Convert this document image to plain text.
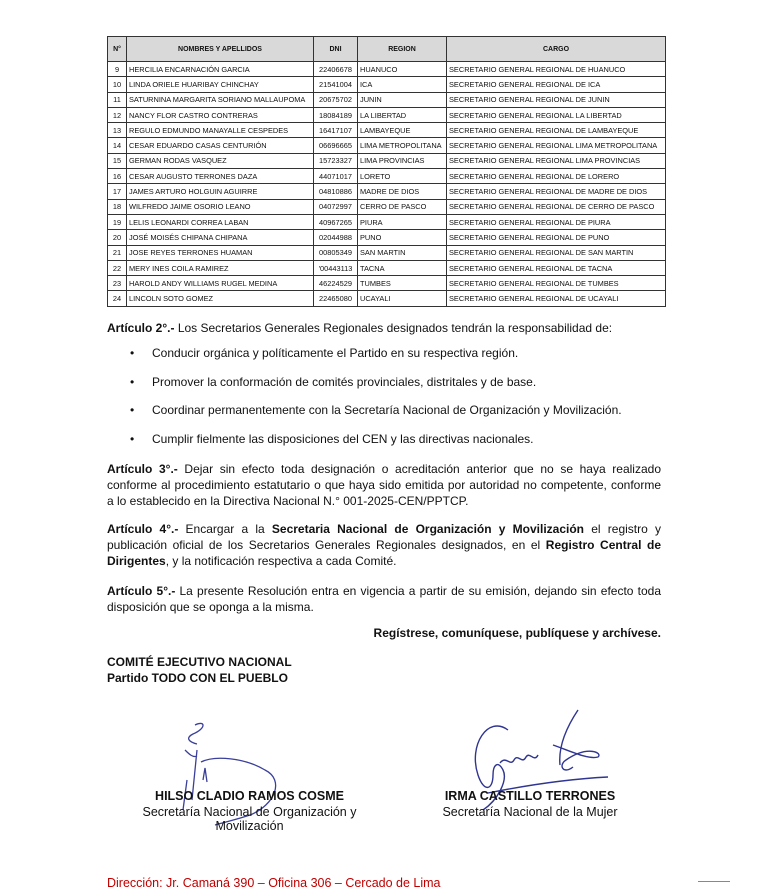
N°	NOMBRES Y APELLIDOS	DNI	REGION	CARGO
9	HERCILIA ENCARNACIÓN GARCIA	22406678	HUANUCO	SECRETARIO GENERAL REGIONAL DE HUANUCO
10	LINDA ORIELE HUARIBAY CHINCHAY	21541004	ICA	SECRETARIO GENERAL REGIONAL DE ICA
11	SATURNINA MARGARITA SORIANO MALLAUPOMA	20675702	JUNIN	SECRETARIO GENERAL REGIONAL DE JUNIN
12	NANCY FLOR CASTRO CONTRERAS	18084189	LA LIBERTAD	SECRETARIO GENERAL REGIONAL LA LIBERTAD
13	REGULO EDMUNDO MANAYALLE CESPEDES	16417107	LAMBAYEQUE	SECRETARIO GENERAL REGIONAL DE LAMBAYEQUE
14	CESAR EDUARDO CASAS CENTURIÓN	06696665	LIMA METROPOLITANA	SECRETARIO GENERAL REGIONAL LIMA METROPOLITANA
15	GERMAN RODAS VASQUEZ	15723327	LIMA PROVINCIAS	SECRETARIO GENERAL REGIONAL LIMA PROVINCIAS
16	CESAR AUGUSTO TERRONES DAZA	44071017	LORETO	SECRETARIO GENERAL REGIONAL DE LORERO
17	JAMES ARTURO HOLGUIN AGUIRRE	04810886	MADRE DE DIOS	SECRETARIO GENERAL REGIONAL DE MADRE DE DIOS
18	WILFREDO JAIME OSORIO LEANO	04072997	CERRO DE PASCO	SECRETARIO GENERAL REGIONAL DE CERRO DE PASCO
19	LELIS LEONARDI CORREA LABAN	40967265	PIURA	SECRETARIO GENERAL REGIONAL DE PIURA
20	JOSÉ MOISÉS CHIPANA CHIPANA	02044988	PUNO	SECRETARIO GENERAL REGIONAL DE PUNO
21	JOSE REYES TERRONES HUAMAN	00805349	SAN MARTIN	SECRETARIO GENERAL REGIONAL DE SAN MARTIN
22	MERY INES COILA RAMIREZ	'00443113	TACNA	SECRETARIO GENERAL REGIONAL DE TACNA
23	HAROLD ANDY WILLIAMS RUGEL MEDINA	46224529	TUMBES	SECRETARIO GENERAL REGIONAL DE TUMBES
24	LINCOLN SOTO GOMEZ	22465080	UCAYALI	SECRETARIO GENERAL REGIONAL DE UCAYALI
Artículo 2°.- Los Secretarios Generales Regionales designados tendrán la responsabilidad de:
• Conducir orgánica y políticamente el Partido en su respectiva región.
• Promover la conformación de comités provinciales, distritales y de base.
• Coordinar permanentemente con la Secretaría Nacional de Organización y Movilización.
• Cumplir fielmente las disposiciones del CEN y las directivas nacionales.
Artículo 3°.- Dejar sin efecto toda designación o acreditación anterior que no se haya realizado conforme al procedimiento estatutario o que haya sido emitida por autoridad no competente, conforme a lo establecido en la Directiva Nacional N.° 001-2025-CEN/PPTCP.
Artículo 4°.- Encargar a la Secretaria Nacional de Organización y Movilización el registro y publicación oficial de los Secretarios Generales Regionales designados, en el Registro Central de Dirigentes, y la notificación respectiva a cada Comité.
Artículo 5°.- La presente Resolución entra en vigencia a partir de su emisión, dejando sin efecto toda disposición que se oponga a la misma.
Regístrese, comuníquese, publíquese y archívese.
COMITÉ EJECUTIVO NACIONAL
Partido TODO CON EL PUEBLO
HILSO CLADIO RAMOS COSME
Secretaría Nacional de Organización y Movilización
IRMA CASTILLO TERRONES
Secretaría Nacional de la Mujer
Dirección: Jr. Camaná 390 – Oficina 306 – Cercado de Lima
